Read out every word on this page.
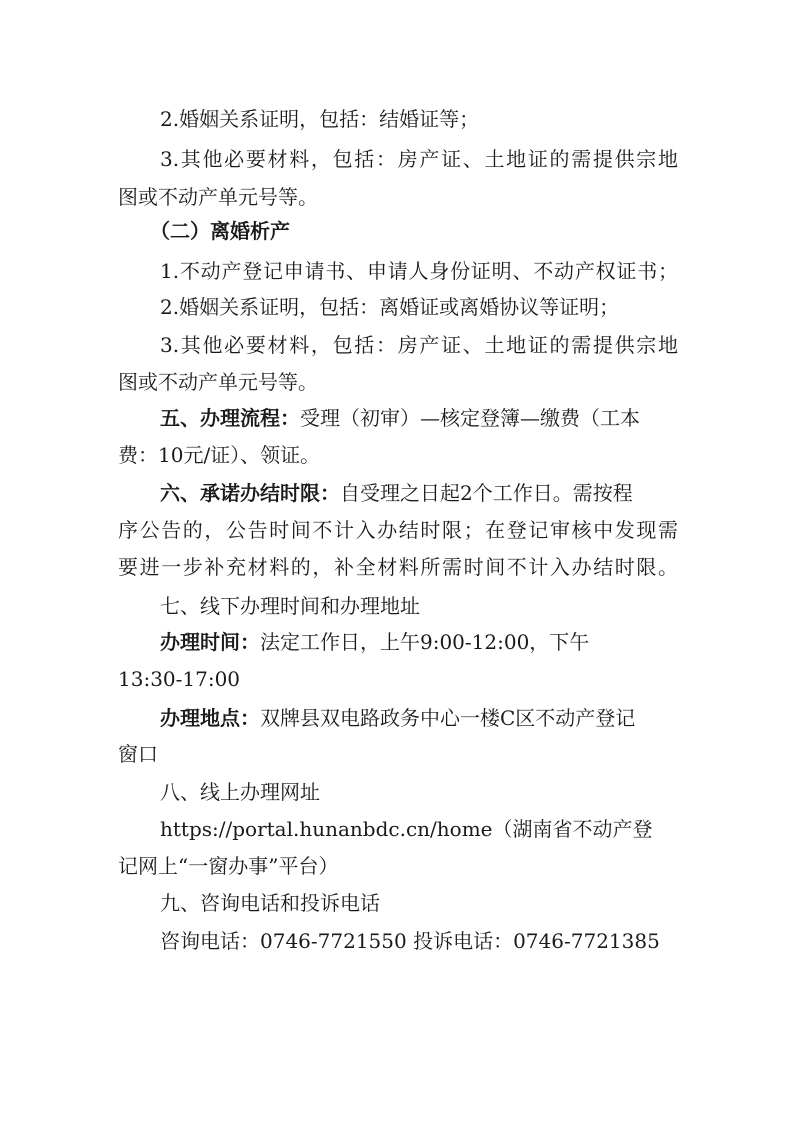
2.婚姻关系证明，包括：结婚证等；
3.其他必要材料，包括：房产证、土地证的需提供宗地
图或不动产单元号等。
（二）离婚析产
1.不动产登记申请书、申请人身份证明、不动产权证书；
2.婚姻关系证明，包括：离婚证或离婚协议等证明；
3.其他必要材料，包括：房产证、土地证的需提供宗地
图或不动产单元号等。
五、办理流程：受理（初审）—核定登簿—缴费（工本
费：10元/证）、领证。
六、承诺办结时限：自受理之日起2个工作日。需按程
序公告的，公告时间不计入办结时限；在登记审核中发现需
要进一步补充材料的，补全材料所需时间不计入办结时限。
七、线下办理时间和办理地址
办理时间：法定工作日，上午9:00-12:00，下午
13:30-17:00
办理地点：双牌县双电路政务中心一楼C区不动产登记
窗口
八、线上办理网址
https://portal.hunanbdc.cn/home（湖南省不动产登
记网上“一窗办事”平台）
九、咨询电话和投诉电话
咨询电话：0746-7721550 投诉电话：0746-7721385
